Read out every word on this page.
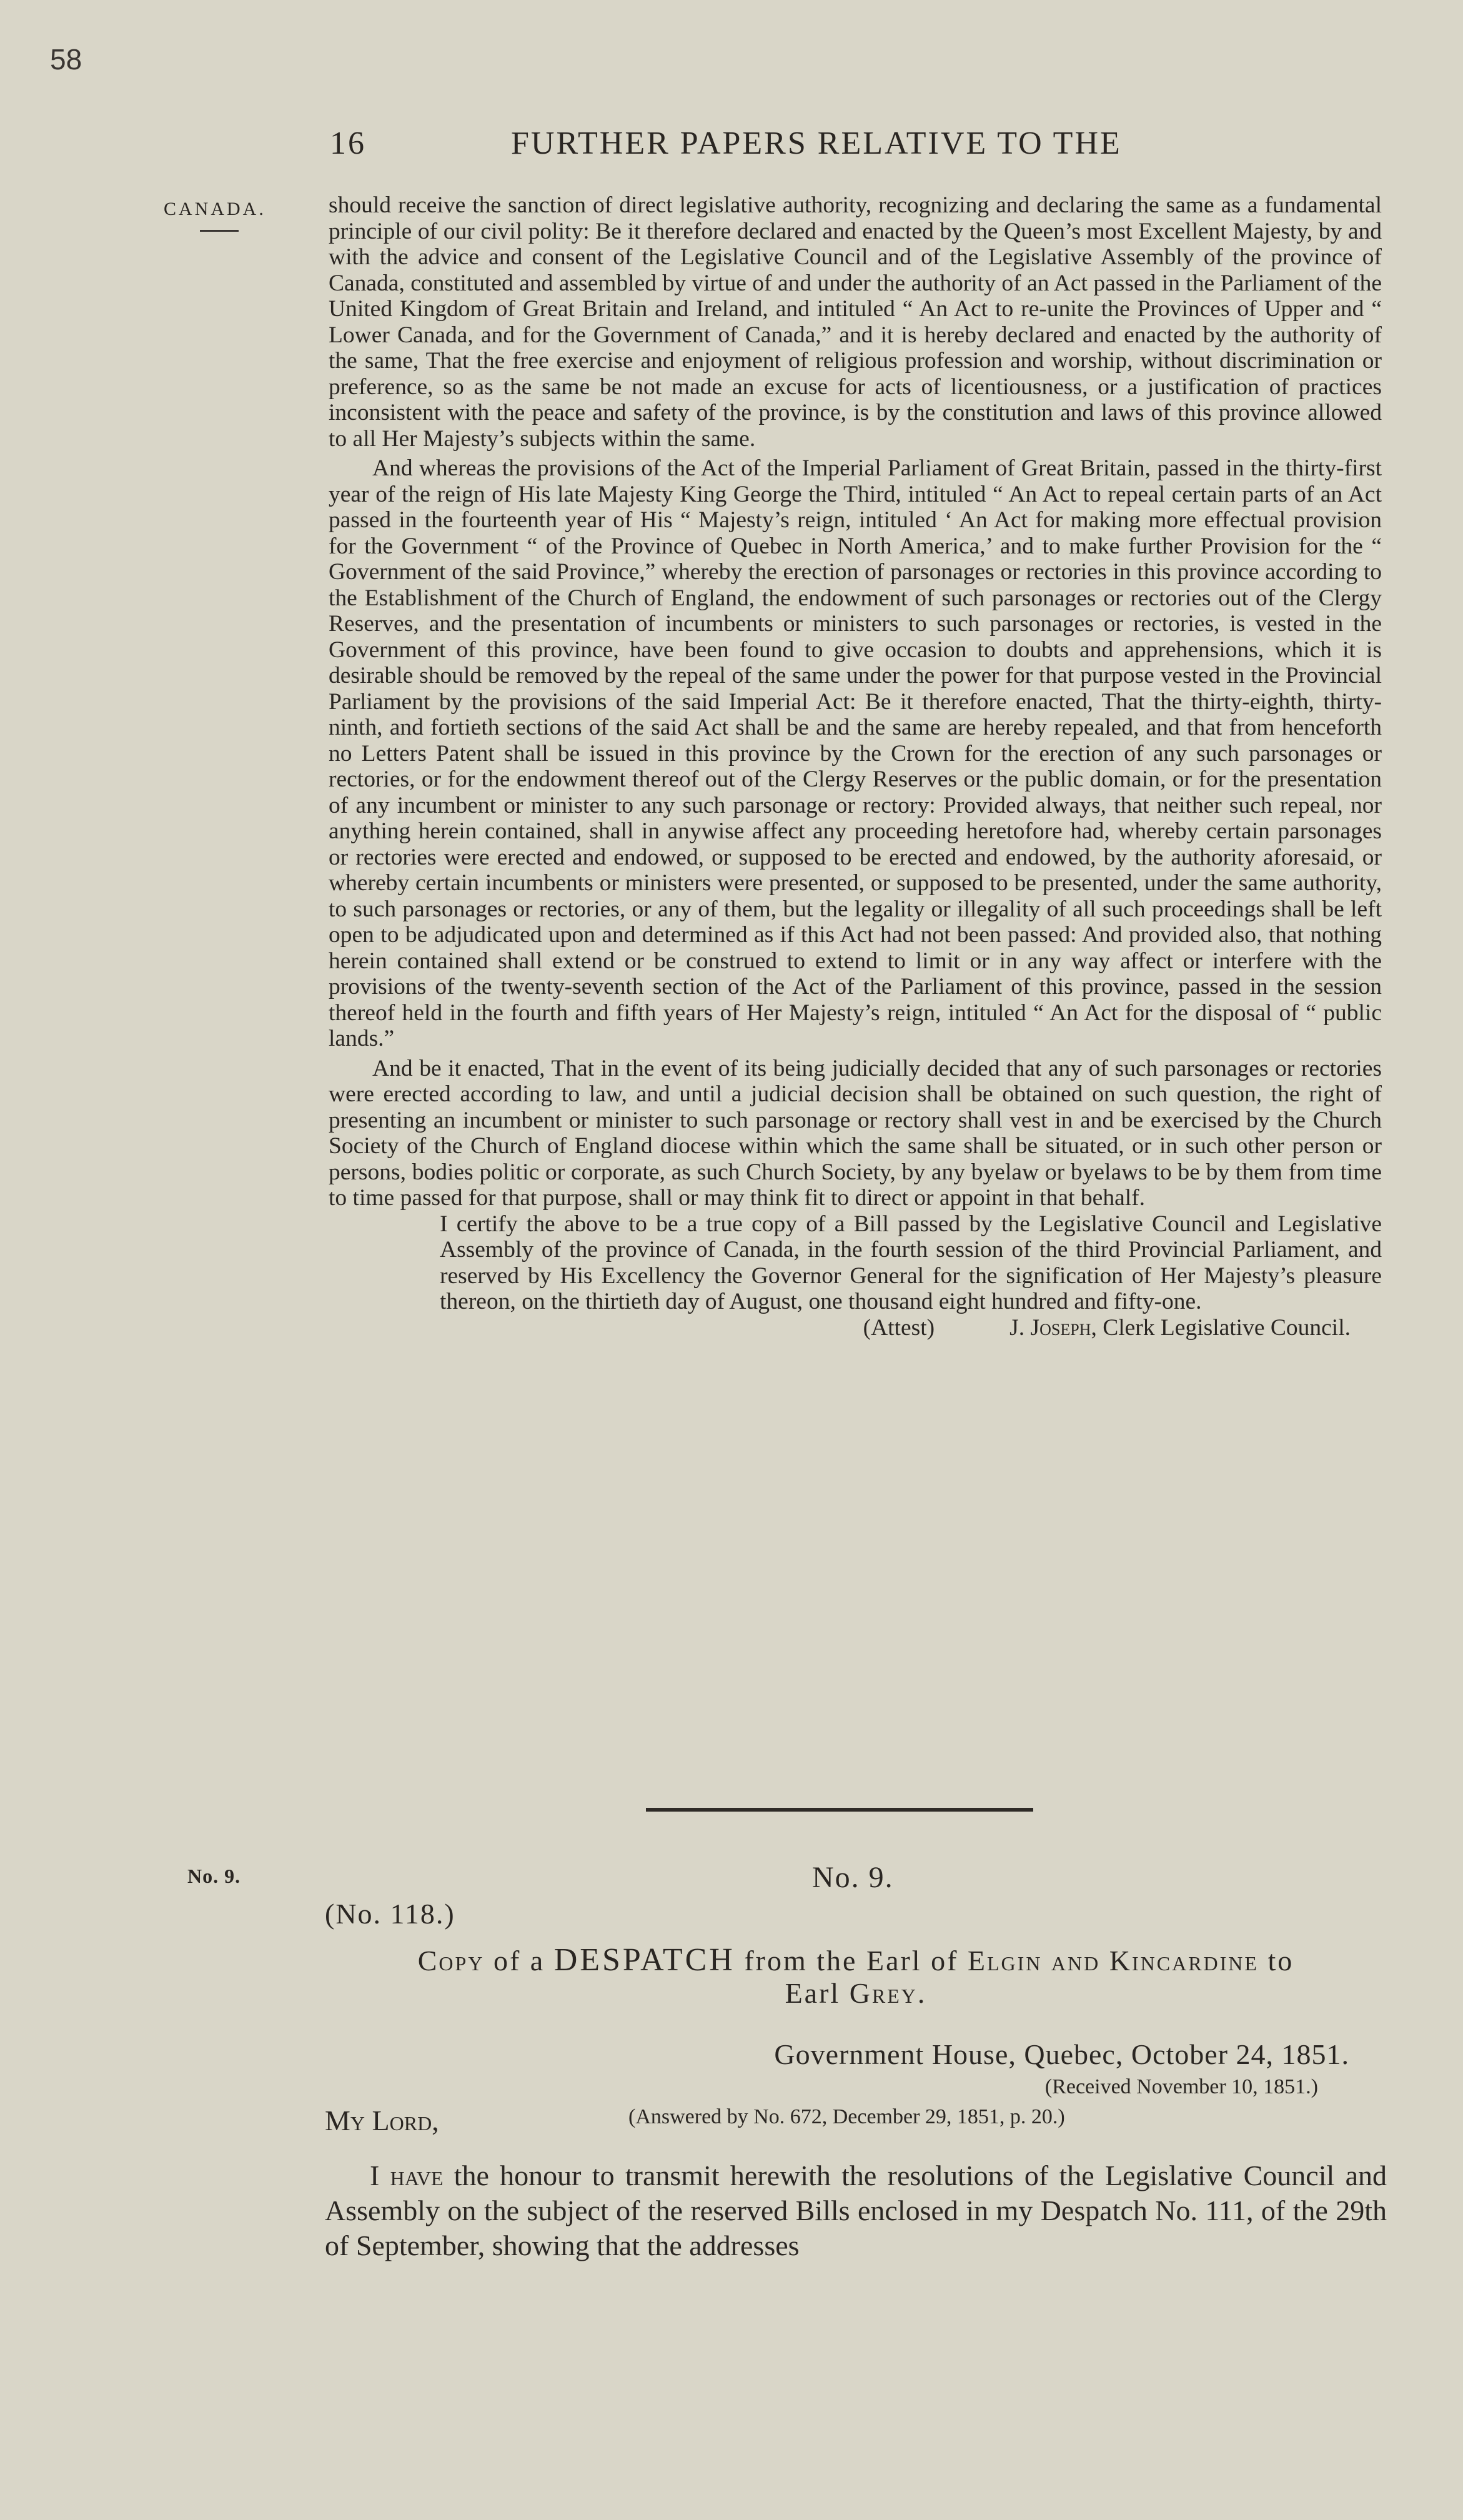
58
16	FURTHER PAPERS RELATIVE TO THE
CANADA.	should receive the sanction of direct legislative authority, recognizing and declaring the same as a fundamental principle of our civil polity: Be it therefore declared and enacted by the Queen’s most Excellent Majesty, by and with the advice and consent of the Legislative Council and of the Legislative Assembly of the province of Canada, constituted and assembled by virtue of and under the authority of an Act passed in the Parliament of the United Kingdom of Great Britain and Ireland, and intituled “ An Act to re-unite the Provinces of Upper and “ Lower Canada, and for the Government of Canada,” and it is hereby declared and enacted by the authority of the same, That the free exercise and enjoyment of religious profession and worship, without discrimination or preference, so as the same be not made an excuse for acts of licentiousness, or a justification of practices inconsistent with the peace and safety of the province, is by the constitution and laws of this province allowed to all Her Majesty’s subjects within the same.

And whereas the provisions of the Act of the Imperial Parliament of Great Britain, passed in the thirty-first year of the reign of His late Majesty King George the Third, intituled “ An Act to repeal certain parts of an Act passed in the fourteenth year of His “ Majesty’s reign, intituled ‘ An Act for making more effectual provision for the Government “ of the Province of Quebec in North America,’ and to make further Provision for the “ Government of the said Province,” whereby the erection of parsonages or rectories in this province according to the Establishment of the Church of England, the endowment of such parsonages or rectories out of the Clergy Reserves, and the presentation of incumbents or ministers to such parsonages or rectories, is vested in the Government of this province, have been found to give occasion to doubts and apprehensions, which it is desirable should be removed by the repeal of the same under the power for that purpose vested in the Provincial Parliament by the provisions of the said Imperial Act: Be it therefore enacted, That the thirty-eighth, thirty-ninth, and fortieth sections of the said Act shall be and the same are hereby repealed, and that from henceforth no Letters Patent shall be issued in this province by the Crown for the erection of any such parsonages or rectories, or for the endowment thereof out of the Clergy Reserves or the public domain, or for the presentation of any incumbent or minister to any such parsonage or rectory: Provided always, that neither such repeal, nor anything herein contained, shall in anywise affect any proceeding heretofore had, whereby certain parsonages or rectories were erected and endowed, or supposed to be erected and endowed, by the authority aforesaid, or whereby certain incumbents or ministers were presented, or supposed to be presented, under the same authority, to such parsonages or rectories, or any of them, but the legality or illegality of all such proceedings shall be left open to be adjudicated upon and determined as if this Act had not been passed: And provided also, that nothing herein contained shall extend or be construed to extend to limit or in any way affect or interfere with the provisions of the twenty-seventh section of the Act of the Parliament of this province, passed in the session thereof held in the fourth and fifth years of Her Majesty’s reign, intituled “ An Act for the disposal of “ public lands.”

And be it enacted, That in the event of its being judicially decided that any of such parsonages or rectories were erected according to law, and until a judicial decision shall be obtained on such question, the right of presenting an incumbent or minister to such parsonage or rectory shall vest in and be exercised by the Church Society of the Church of England diocese within which the same shall be situated, or in such other person or persons, bodies politic or corporate, as such Church Society, by any byelaw or byelaws to be by them from time to time passed for that purpose, shall or may think fit to direct or appoint in that behalf.

I certify the above to be a true copy of a Bill passed by the Legislative Council and Legislative Assembly of the province of Canada, in the fourth session of the third Provincial Parliament, and reserved by His Excellency the Governor General for the signification of Her Majesty’s pleasure thereon, on the thirtieth day of August, one thousand eight hundred and fifty-one.

(Attest)	J. Joseph, Clerk Legislative Council.

No. 9.	No. 9.

(No. 118.)

Copy of a DESPATCH from the Earl of Elgin and Kincardine to
Earl Grey.

Government House, Quebec, October 24, 1851.

(Received November 10, 1851.)

My Lord,	(Answered by No. 672, December 29, 1851, p. 20.)

I have the honour to transmit herewith the resolutions of the Legislative Council and Assembly on the subject of the reserved Bills enclosed in my Despatch No. 111, of the 29th of September, showing that the addresses
